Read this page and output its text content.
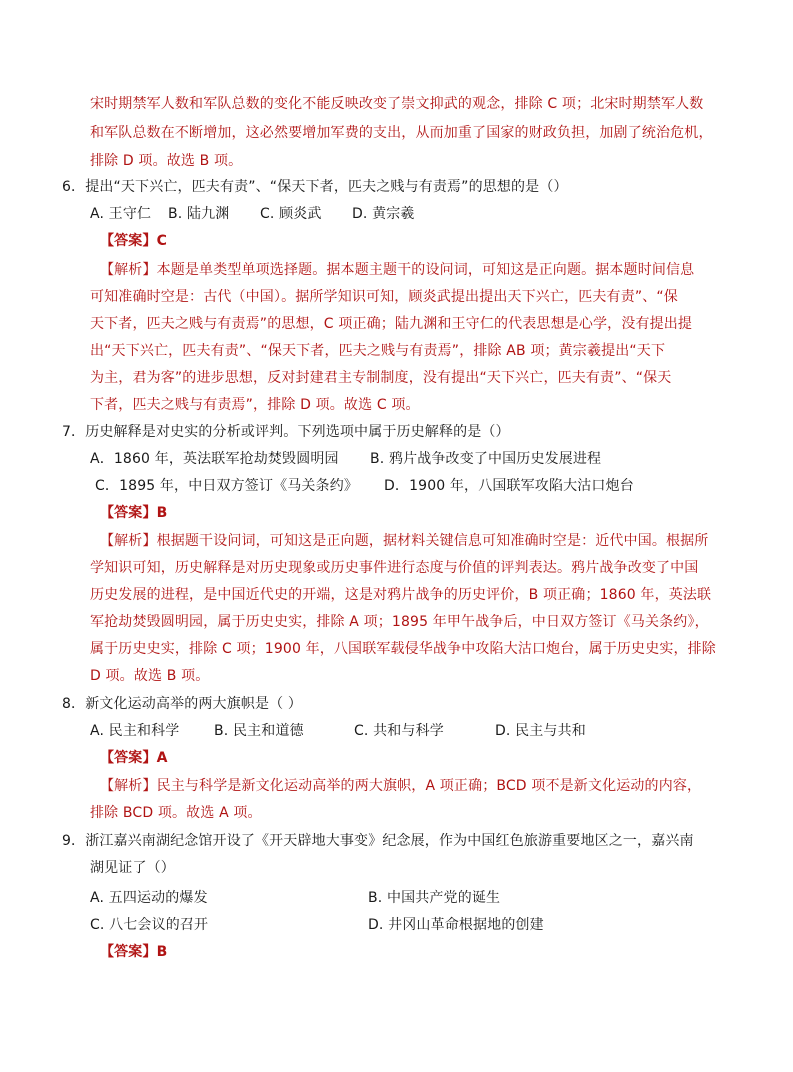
宋时期禁军人数和军队总数的变化不能反映改变了崇文抑武的观念，排除 C 项；北宋时期禁军人数
和军队总数在不断增加，这必然要增加军费的支出，从而加重了国家的财政负担，加剧了统治危机，
排除 D 项。故选 B 项。
6．提出“天下兴亡，匹夫有责”、“保天下者，匹夫之贱与有责焉”的思想的是（）
A. 王守仁 B. 陆九渊 C. 顾炎武 D. 黄宗羲
【答案】C
【解析】本题是单类型单项选择题。据本题主题干的设问词，可知这是正向题。据本题时间信息
可知准确时空是：古代（中国）。据所学知识可知，顾炎武提出提出天下兴亡，匹夫有责”、“保
天下者，匹夫之贱与有责焉”的思想，C 项正确；陆九渊和王守仁的代表思想是心学，没有提出提
出“天下兴亡，匹夫有责”、“保天下者，匹夫之贱与有责焉”，排除 AB 项；黄宗羲提出“天下
为主，君为客”的进步思想，反对封建君主专制制度，没有提出“天下兴亡，匹夫有责”、“保天
下者，匹夫之贱与有责焉”，排除 D 项。故选 C 项。
7．历史解释是对史实的分析或评判。下列选项中属于历史解释的是（）
A．1860 年，英法联军抢劫焚毁圆明园 B. 鸦片战争改变了中国历史发展进程
C．1895 年，中日双方签订《马关条约》 D．1900 年，八国联军攻陷大沽口炮台
【答案】B
【解析】根据题干设问词，可知这是正向题，据材料关键信息可知准确时空是：近代中国。根据所
学知识可知，历史解释是对历史现象或历史事件进行态度与价值的评判表达。鸦片战争改变了中国
历史发展的进程，是中国近代史的开端，这是对鸦片战争的历史评价，B 项正确；1860 年，英法联
军抢劫焚毁圆明园，属于历史史实，排除 A 项；1895 年甲午战争后，中日双方签订《马关条约》，
属于历史史实，排除 C 项；1900 年，八国联军载侵华战争中攻陷大沽口炮台，属于历史史实，排除
D 项。故选 B 项。
8．新文化运动高举的两大旗帜是（ ）
A. 民主和科学 B. 民主和道德	C. 共和与科学	D. 民主与共和
【答案】A
【解析】民主与科学是新文化运动高举的两大旗帜，A 项正确；BCD 项不是新文化运动的内容，
排除 BCD 项。故选 A 项。
9．浙江嘉兴南湖纪念馆开设了《开天辟地大事变》纪念展，作为中国红色旅游重要地区之一，嘉兴南
湖见证了（）
A. 五四运动的爆发	B. 中国共产党的诞生
C. 八七会议的召开	D. 井冈山革命根据地的创建
【答案】B
